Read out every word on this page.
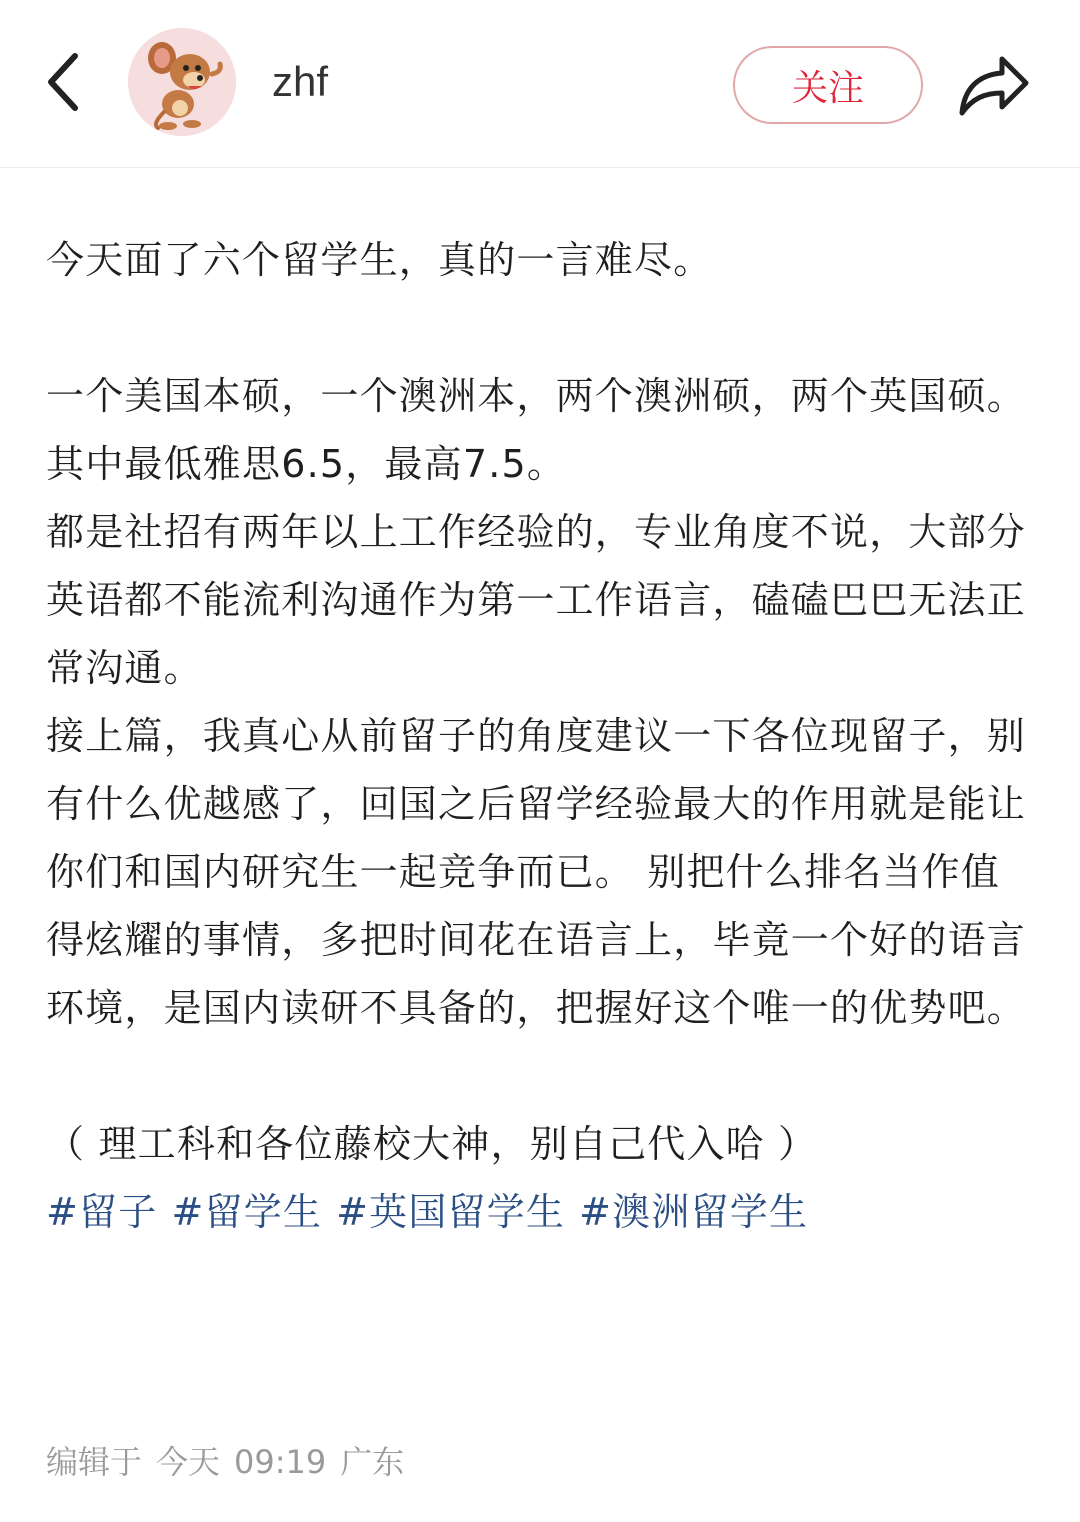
zhf	关注

今天面了六个留学生，真的一言难尽。

一个美国本硕，一个澳洲本，两个澳洲硕，两个英国硕。

其中最低雅思6.5，最高7.5。

都是社招有两年以上工作经验的，专业角度不说，大部分英语都不能流利沟通作为第一工作语言，磕磕巴巴无法正常沟通。

接上篇，我真心从前留子的角度建议一下各位现留子，别有什么优越感了，回国之后留学经验最大的作用就是能让你们和国内研究生一起竞争而已。 别把什么排名当作值得炫耀的事情，多把时间花在语言上，毕竟一个好的语言环境，是国内读研不具备的，把握好这个唯一的优势吧。

（ 理工科和各位藤校大神，别自己代入哈 ）

#留子 #留学生 #英国留学生 #澳洲留学生

编辑于 今天 09:19 广东
